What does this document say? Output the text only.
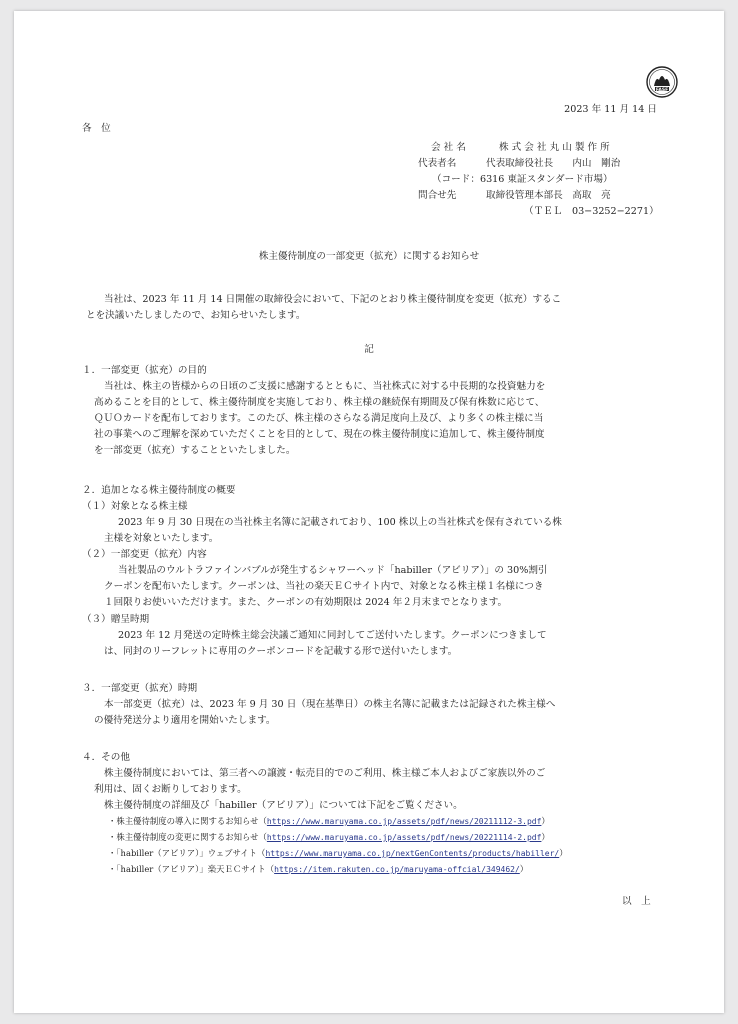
FASF
2023 年 11 月 14 日
各　位
会 社 名	株 式 会 社 丸 山 製 作 所
代表者名	代表取締役社長　　内山　剛治
（コード：6316 東証スタンダード市場）
問合せ先	取締役管理本部長　高取　亮
（ＴＥＬ　03−3252−2271）
株主優待制度の一部変更（拡充）に関するお知らせ
当社は、2023 年 11 月 14 日開催の取締役会において、下記のとおり株主優待制度を変更（拡充）するこ
とを決議いたしましたので、お知らせいたします。
記
１．一部変更（拡充）の目的
当社は、株主の皆様からの日頃のご支援に感謝するとともに、当社株式に対する中長期的な投資魅力を
高めることを目的として、株主優待制度を実施しており、株主様の継続保有期間及び保有株数に応じて、
ＱＵＯカードを配布しております。このたび、株主様のさらなる満足度向上及び、より多くの株主様に当
社の事業へのご理解を深めていただくことを目的として、現在の株主優待制度に追加して、株主優待制度
を一部変更（拡充）することといたしました。
２．追加となる株主優待制度の概要
（１）対象となる株主様
2023 年 9 月 30 日現在の当社株主名簿に記載されており、100 株以上の当社株式を保有されている株
主様を対象といたします。
（２）一部変更（拡充）内容
当社製品のウルトラファインバブルが発生するシャワーヘッド「habiller（アビリア）」の 30%割引
クーポンを配布いたします。クーポンは、当社の楽天ＥＣサイト内で、対象となる株主様１名様につき
１回限りお使いいただけます。また、クーポンの有効期限は 2024 年２月末までとなります。
（３）贈呈時期
2023 年 12 月発送の定時株主総会決議ご通知に同封してご送付いたします。クーポンにつきまして
は、同封のリーフレットに専用のクーポンコードを記載する形で送付いたします。
３．一部変更（拡充）時期
本一部変更（拡充）は、2023 年 9 月 30 日（現在基準日）の株主名簿に記載または記録された株主様へ
の優待発送分より適用を開始いたします。
４．その他
株主優待制度においては、第三者への譲渡・転売目的でのご利用、株主様ご本人およびご家族以外のご
利用は、固くお断りしております。
株主優待制度の詳細及び「habiller（アビリア）」については下記をご覧ください。
・株主優待制度の導入に関するお知らせ（https://www.maruyama.co.jp/assets/pdf/news/20211112-3.pdf）
・株主優待制度の変更に関するお知らせ（https://www.maruyama.co.jp/assets/pdf/news/20221114-2.pdf）
・「habiller（アビリア）」ウェブサイト（https://www.maruyama.co.jp/nextGenContents/products/habiller/）
・「habiller（アビリア）」楽天ＥＣサイト（https://item.rakuten.co.jp/maruyama-offcial/349462/）
以　上
